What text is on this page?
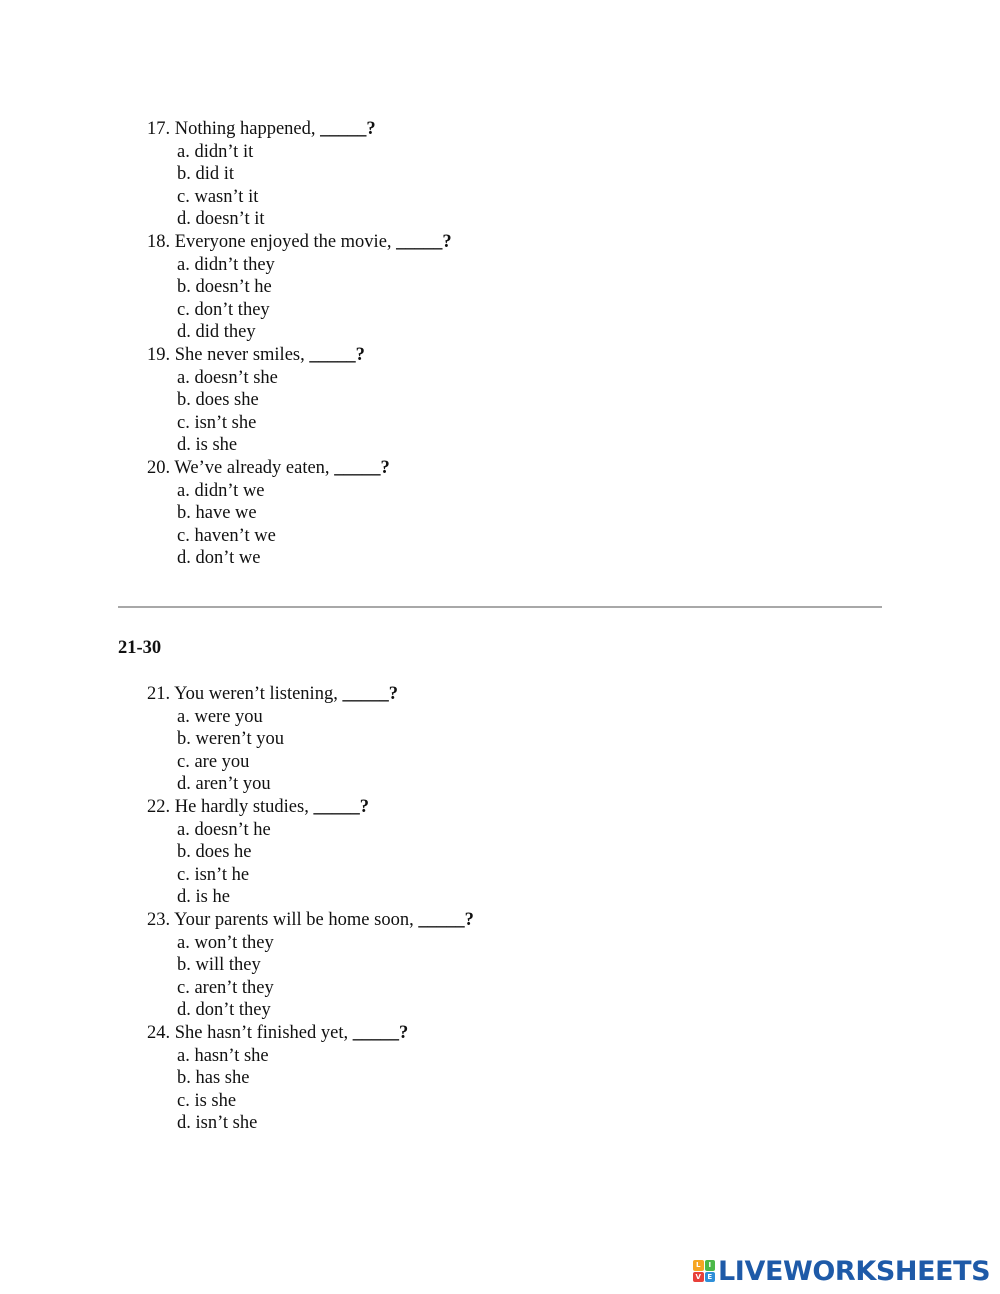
17. Nothing happened, _____?
a. didn’t it
b. did it
c. wasn’t it
d. doesn’t it
18. Everyone enjoyed the movie, _____?
a. didn’t they
b. doesn’t he
c. don’t they
d. did they
19. She never smiles, _____?
a. doesn’t she
b. does she
c. isn’t she
d. is she
20. We’ve already eaten, _____?
a. didn’t we
b. have we
c. haven’t we
d. don’t we
21-30
21. You weren’t listening, _____?
a. were you
b. weren’t you
c. are you
d. aren’t you
22. He hardly studies, _____?
a. doesn’t he
b. does he
c. isn’t he
d. is he
23. Your parents will be home soon, _____?
a. won’t they
b. will they
c. aren’t they
d. don’t they
24. She hasn’t finished yet, _____?
a. hasn’t she
b. has she
c. is she
d. isn’t she
L	I
V E LIVEWORKSHEETS
